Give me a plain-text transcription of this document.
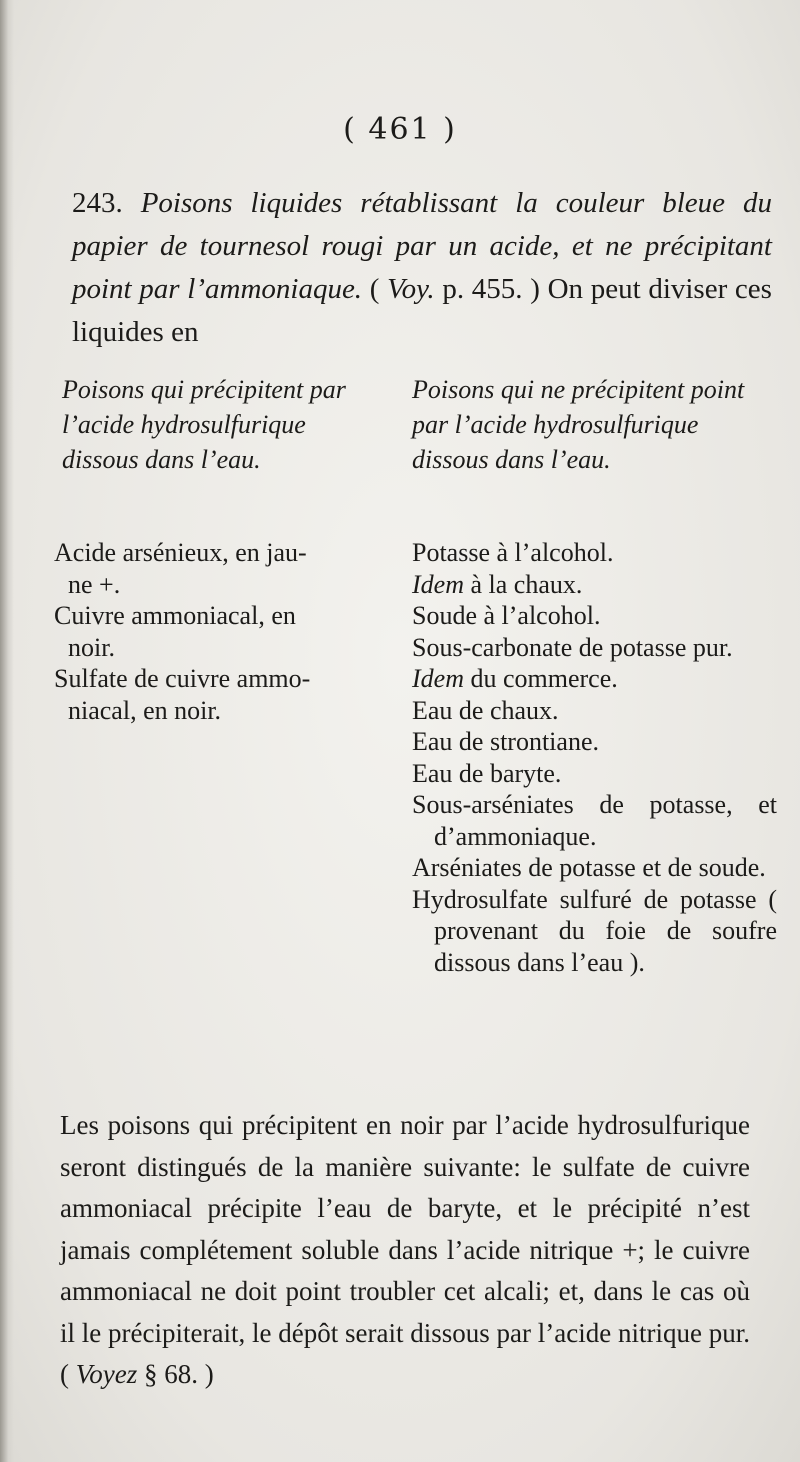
( 461 )
243. Poisons liquides rétablissant la couleur bleue du papier de tournesol rougi par un acide, et ne précipitant point par l’ammoniaque. ( Voy. p. 455. ) On peut diviser ces liquides en
Poisons qui précipitent par l’acide hydrosulfurique dissous dans l’eau.
Poisons qui ne précipitent point par l’acide hydrosulfurique dissous dans l’eau.
Acide arsénieux, en jau-
ne +.
Cuivre ammoniacal, en
noir.
Sulfate de cuivre ammo-
niacal, en noir.
Potasse à l’alcohol.
Idem à la chaux.
Soude à l’alcohol.
Sous-carbonate de potasse pur.
Idem du commerce.
Eau de chaux.
Eau de strontiane.
Eau de baryte.
Sous-arséniates de potasse, et d’ammoniaque.
Arséniates de potasse et de soude.
Hydrosulfate sulfuré de potasse ( provenant du foie de soufre dissous dans l’eau ).
Les poisons qui précipitent en noir par l’acide hydrosulfurique seront distingués de la manière suivante: le sulfate de cuivre ammoniacal précipite l’eau de baryte, et le précipité n’est jamais complétement soluble dans l’acide nitrique +; le cuivre ammoniacal ne doit point troubler cet alcali; et, dans le cas où il le précipiterait, le dépôt serait dissous par l’acide nitrique pur. ( Voyez § 68. )
